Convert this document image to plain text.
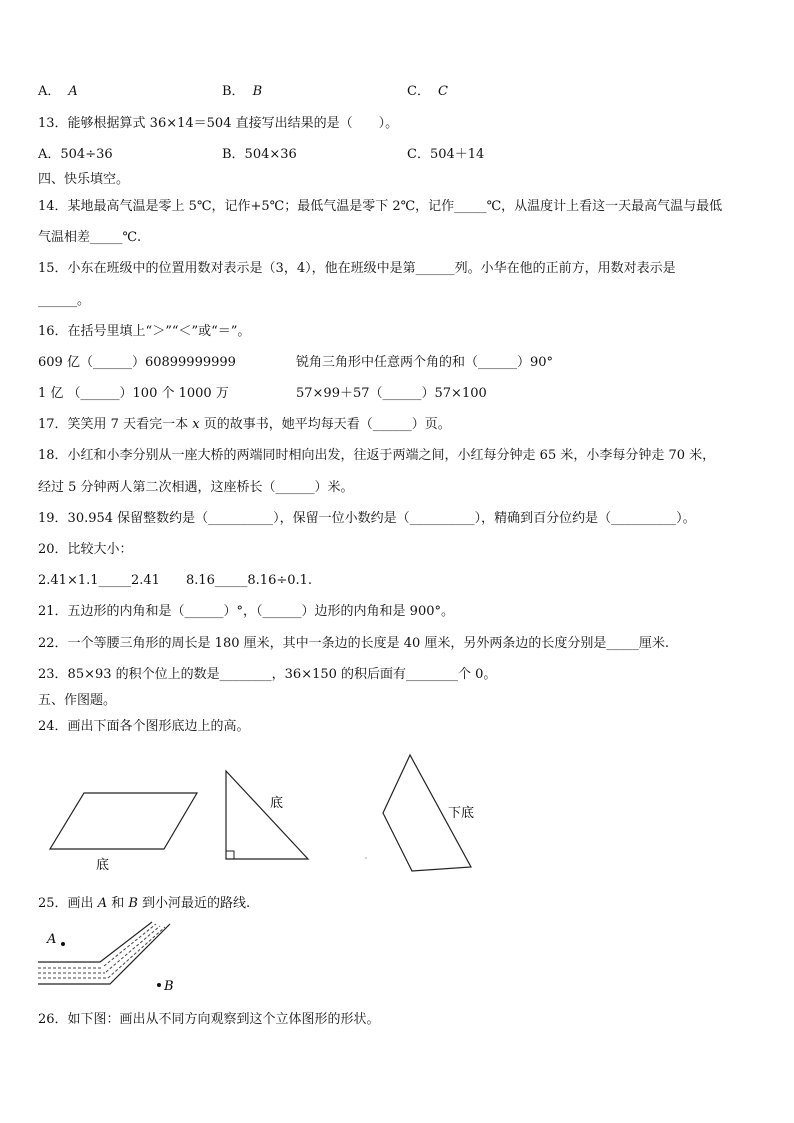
A． A	B． B	C． C
13．能够根据算式 36×14＝504 直接写出结果的是（　　）。
A．504÷36	B．504×36	C．504＋14
四、快乐填空。
14．某地最高气温是零上 5℃，记作+5℃；最低气温是零下 2℃，记作_____℃，从温度计上看这一天最高气温与最低
气温相差_____℃.
15．小东在班级中的位置用数对表示是（3，4），他在班级中是第______列。小华在他的正前方，用数对表示是
______。
16．在括号里填上“＞”“＜”或“＝”。
609 亿（______）60899999999	锐角三角形中任意两个角的和（______）90°
1 亿 （______）100 个 1000 万	57×99＋57（______）57×100
17．笑笑用 7 天看完一本 x 页的故事书，她平均每天看（______）页。
18．小红和小李分别从一座大桥的两端同时相向出发，往返于两端之间，小红每分钟走 65 米，小李每分钟走 70 米，
经过 5 分钟两人第二次相遇，这座桥长（______）米。
19．30.954 保留整数约是（__________），保留一位小数约是（__________），精确到百分位约是（__________）。
20．比较大小：
2.41×1.1_____2.41　　8.16_____8.16÷0.1.
21．五边形的内角和是（______）°，（______）边形的内角和是 900°。
22．一个等腰三角形的周长是 180 厘米，其中一条边的长度是 40 厘米，另外两条边的长度分别是_____厘米.
23．85×93 的积个位上的数是________，36×150 的积后面有________个 0。
五、作图题。
24．画出下面各个图形底边上的高。
底
底
下底
25．画出 A 和 B 到小河最近的路线.
A
B
26．如下图：画出从不同方向观察到这个立体图形的形状。
